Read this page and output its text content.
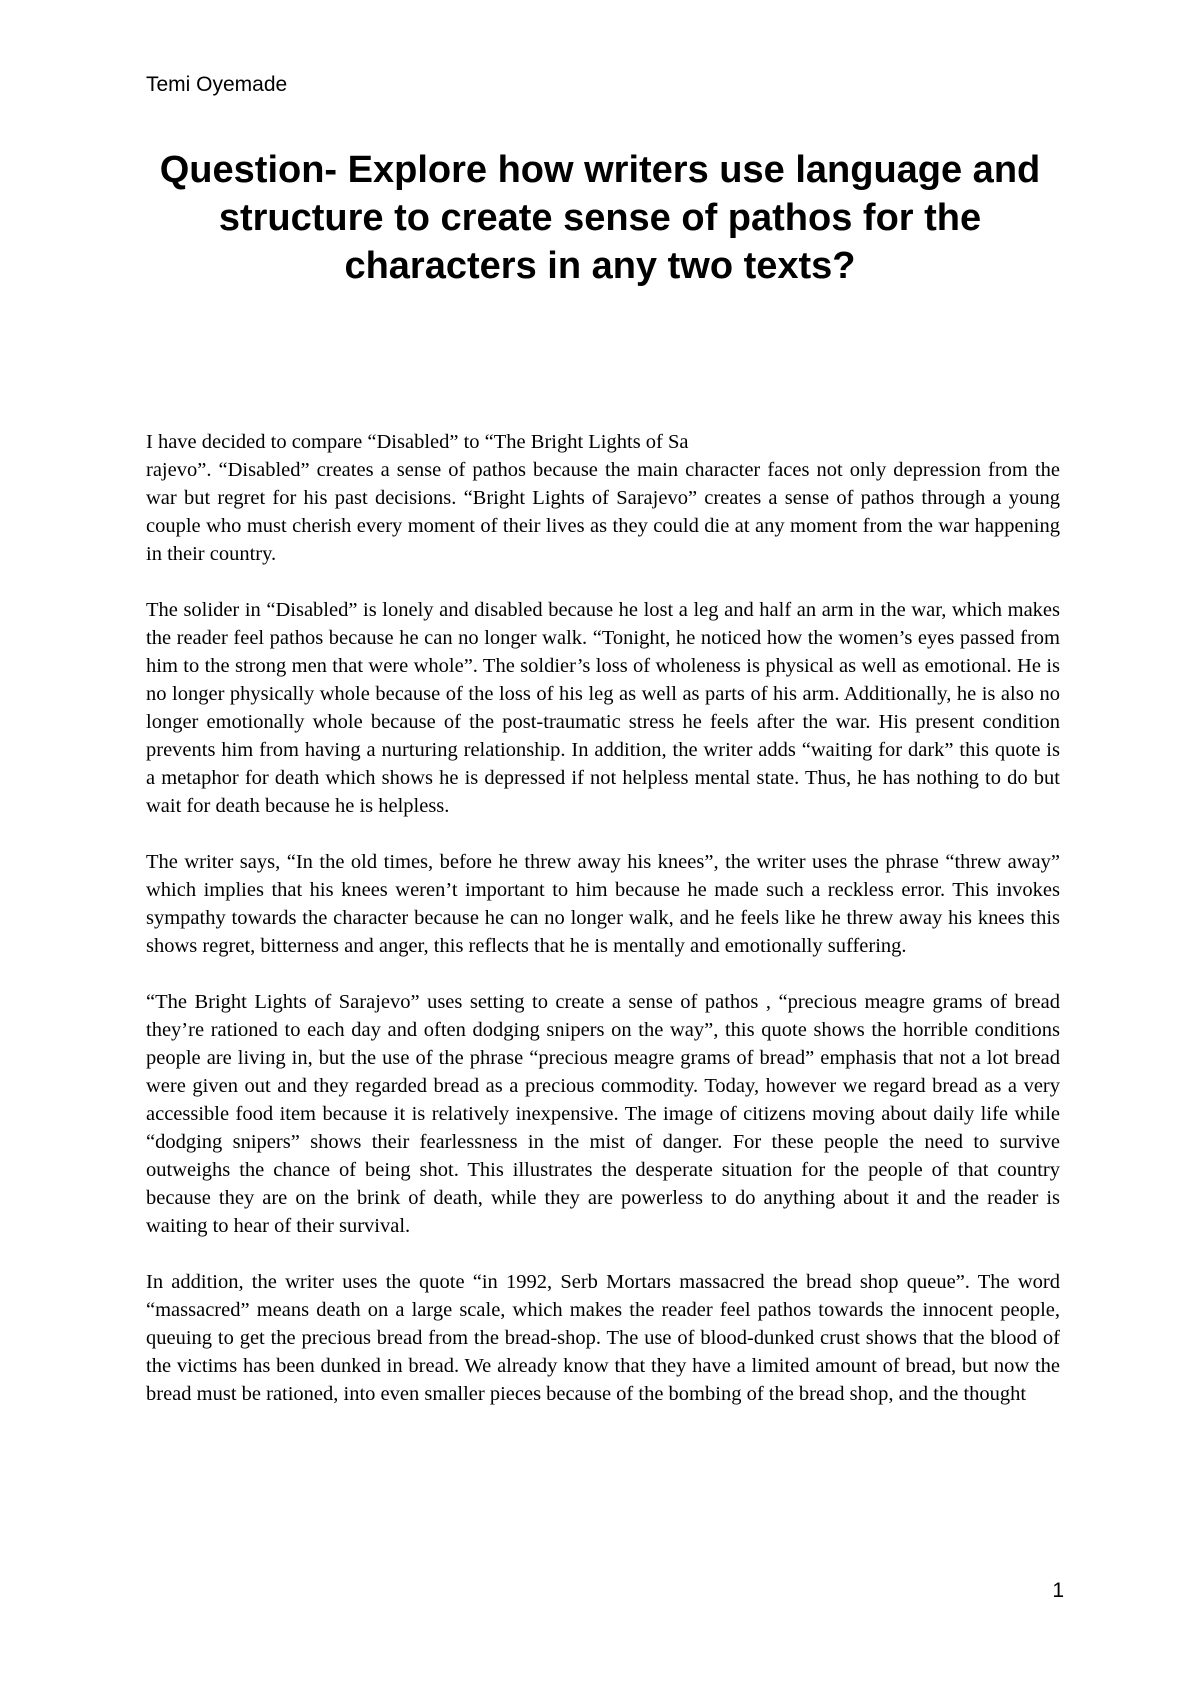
Temi Oyemade
Question- Explore how writers use language and structure to create sense of pathos for the characters in any two texts?

I have decided to compare “Disabled” to “The Bright Lights of Sa
rajevo”. “Disabled” creates a sense of pathos because the main character faces not only depression from the war but regret for his past decisions. “Bright Lights of Sarajevo” creates a sense of pathos through a young couple who must cherish every moment of their lives as they could die at any moment from the war happening in their country.

The solider in “Disabled” is lonely and disabled because he lost a leg and half an arm in the war, which makes the reader feel pathos because he can no longer walk. “Tonight, he noticed how the women’s eyes passed from him to the strong men that were whole”. The soldier’s loss of wholeness is physical as well as emotional. He is no longer physically whole because of the loss of his leg as well as parts of his arm. Additionally, he is also no longer emotionally whole because of the post-traumatic stress he feels after the war. His present condition prevents him from having a nurturing relationship. In addition, the writer adds “waiting for dark” this quote is a metaphor for death which shows he is depressed if not helpless mental state. Thus, he has nothing to do but wait for death because he is helpless.

The writer says, “In the old times, before he threw away his knees”, the writer uses the phrase “threw away” which implies that his knees weren’t important to him because he made such a reckless error. This invokes sympathy towards the character because he can no longer walk, and he feels like he threw away his knees this shows regret, bitterness and anger, this reflects that he is mentally and emotionally suffering.

“The Bright Lights of Sarajevo” uses setting to create a sense of pathos , “precious meagre grams of bread they’re rationed to each day and often dodging snipers on the way”, this quote shows the horrible conditions people are living in, but the use of the phrase “precious meagre grams of bread” emphasis that not a lot bread were given out and they regarded bread as a precious commodity. Today, however we regard bread as a very accessible food item because it is relatively inexpensive. The image of citizens moving about daily life while “dodging snipers” shows their fearlessness in the mist of danger. For these people the need to survive outweighs the chance of being shot. This illustrates the desperate situation for the people of that country because they are on the brink of death, while they are powerless to do anything about it and the reader is waiting to hear of their survival.

In addition, the writer uses the quote “in 1992, Serb Mortars massacred the bread shop queue”. The word “massacred” means death on a large scale, which makes the reader feel pathos towards the innocent people, queuing to get the precious bread from the bread-shop. The use of blood-dunked crust shows that the blood of the victims has been dunked in bread. We already know that they have a limited amount of bread, but now the bread must be rationed, into even smaller pieces because of the bombing of the bread shop, and the thought

1
